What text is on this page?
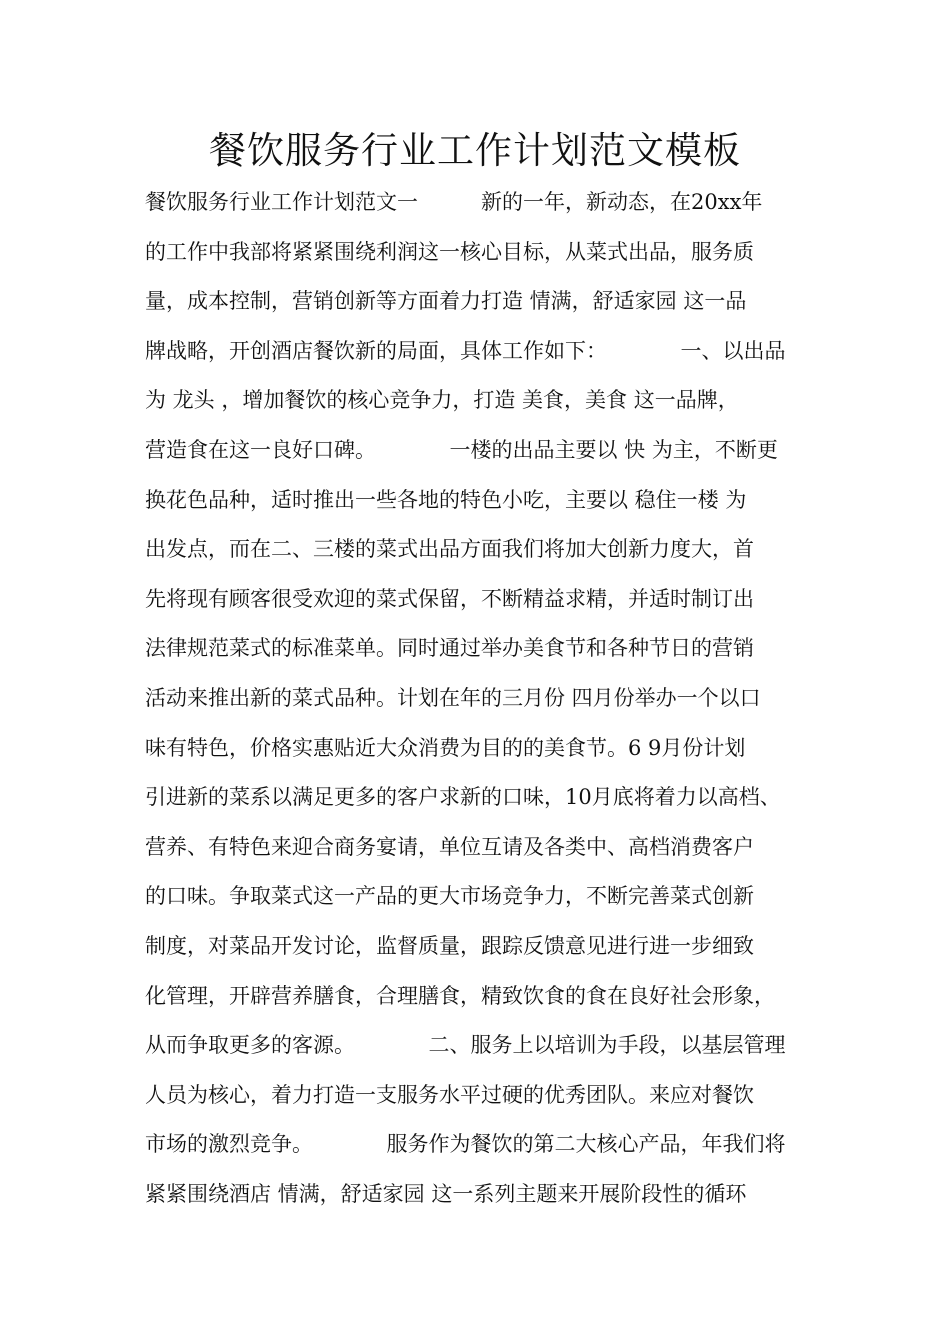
餐饮服务行业工作计划范文模板
餐饮服务行业工作计划范文一　　　新的一年，新动态，在20xx年
的工作中我部将紧紧围绕利润这一核心目标，从菜式出品，服务质
量，成本控制，营销创新等方面着力打造 情满，舒适家园 这一品
牌战略，开创酒店餐饮新的局面，具体工作如下：　　　　一、以出品
为 龙头 ，增加餐饮的核心竞争力，打造 美食，美食 这一品牌，
营造食在这一良好口碑。　　　　一楼的出品主要以 快 为主，不断更
换花色品种，适时推出一些各地的特色小吃，主要以 稳住一楼 为
出发点，而在二、三楼的菜式出品方面我们将加大创新力度大，首
先将现有顾客很受欢迎的菜式保留，不断精益求精，并适时制订出
法律规范菜式的标准菜单。同时通过举办美食节和各种节日的营销
活动来推出新的菜式品种。计划在年的三月份 四月份举办一个以口
味有特色，价格实惠贴近大众消费为目的的美食节。6 9月份计划
引进新的菜系以满足更多的客户求新的口味，10月底将着力以高档、
营养、有特色来迎合商务宴请，单位互请及各类中、高档消费客户
的口味。争取菜式这一产品的更大市场竞争力，不断完善菜式创新
制度，对菜品开发讨论，监督质量，跟踪反馈意见进行进一步细致
化管理，开辟营养膳食，合理膳食，精致饮食的食在良好社会形象，
从而争取更多的客源。　　　　二、服务上以培训为手段，以基层管理
人员为核心，着力打造一支服务水平过硬的优秀团队。来应对餐饮
市场的激烈竞争。　　　　服务作为餐饮的第二大核心产品，年我们将
紧紧围绕酒店 情满，舒适家园 这一系列主题来开展阶段性的循环
